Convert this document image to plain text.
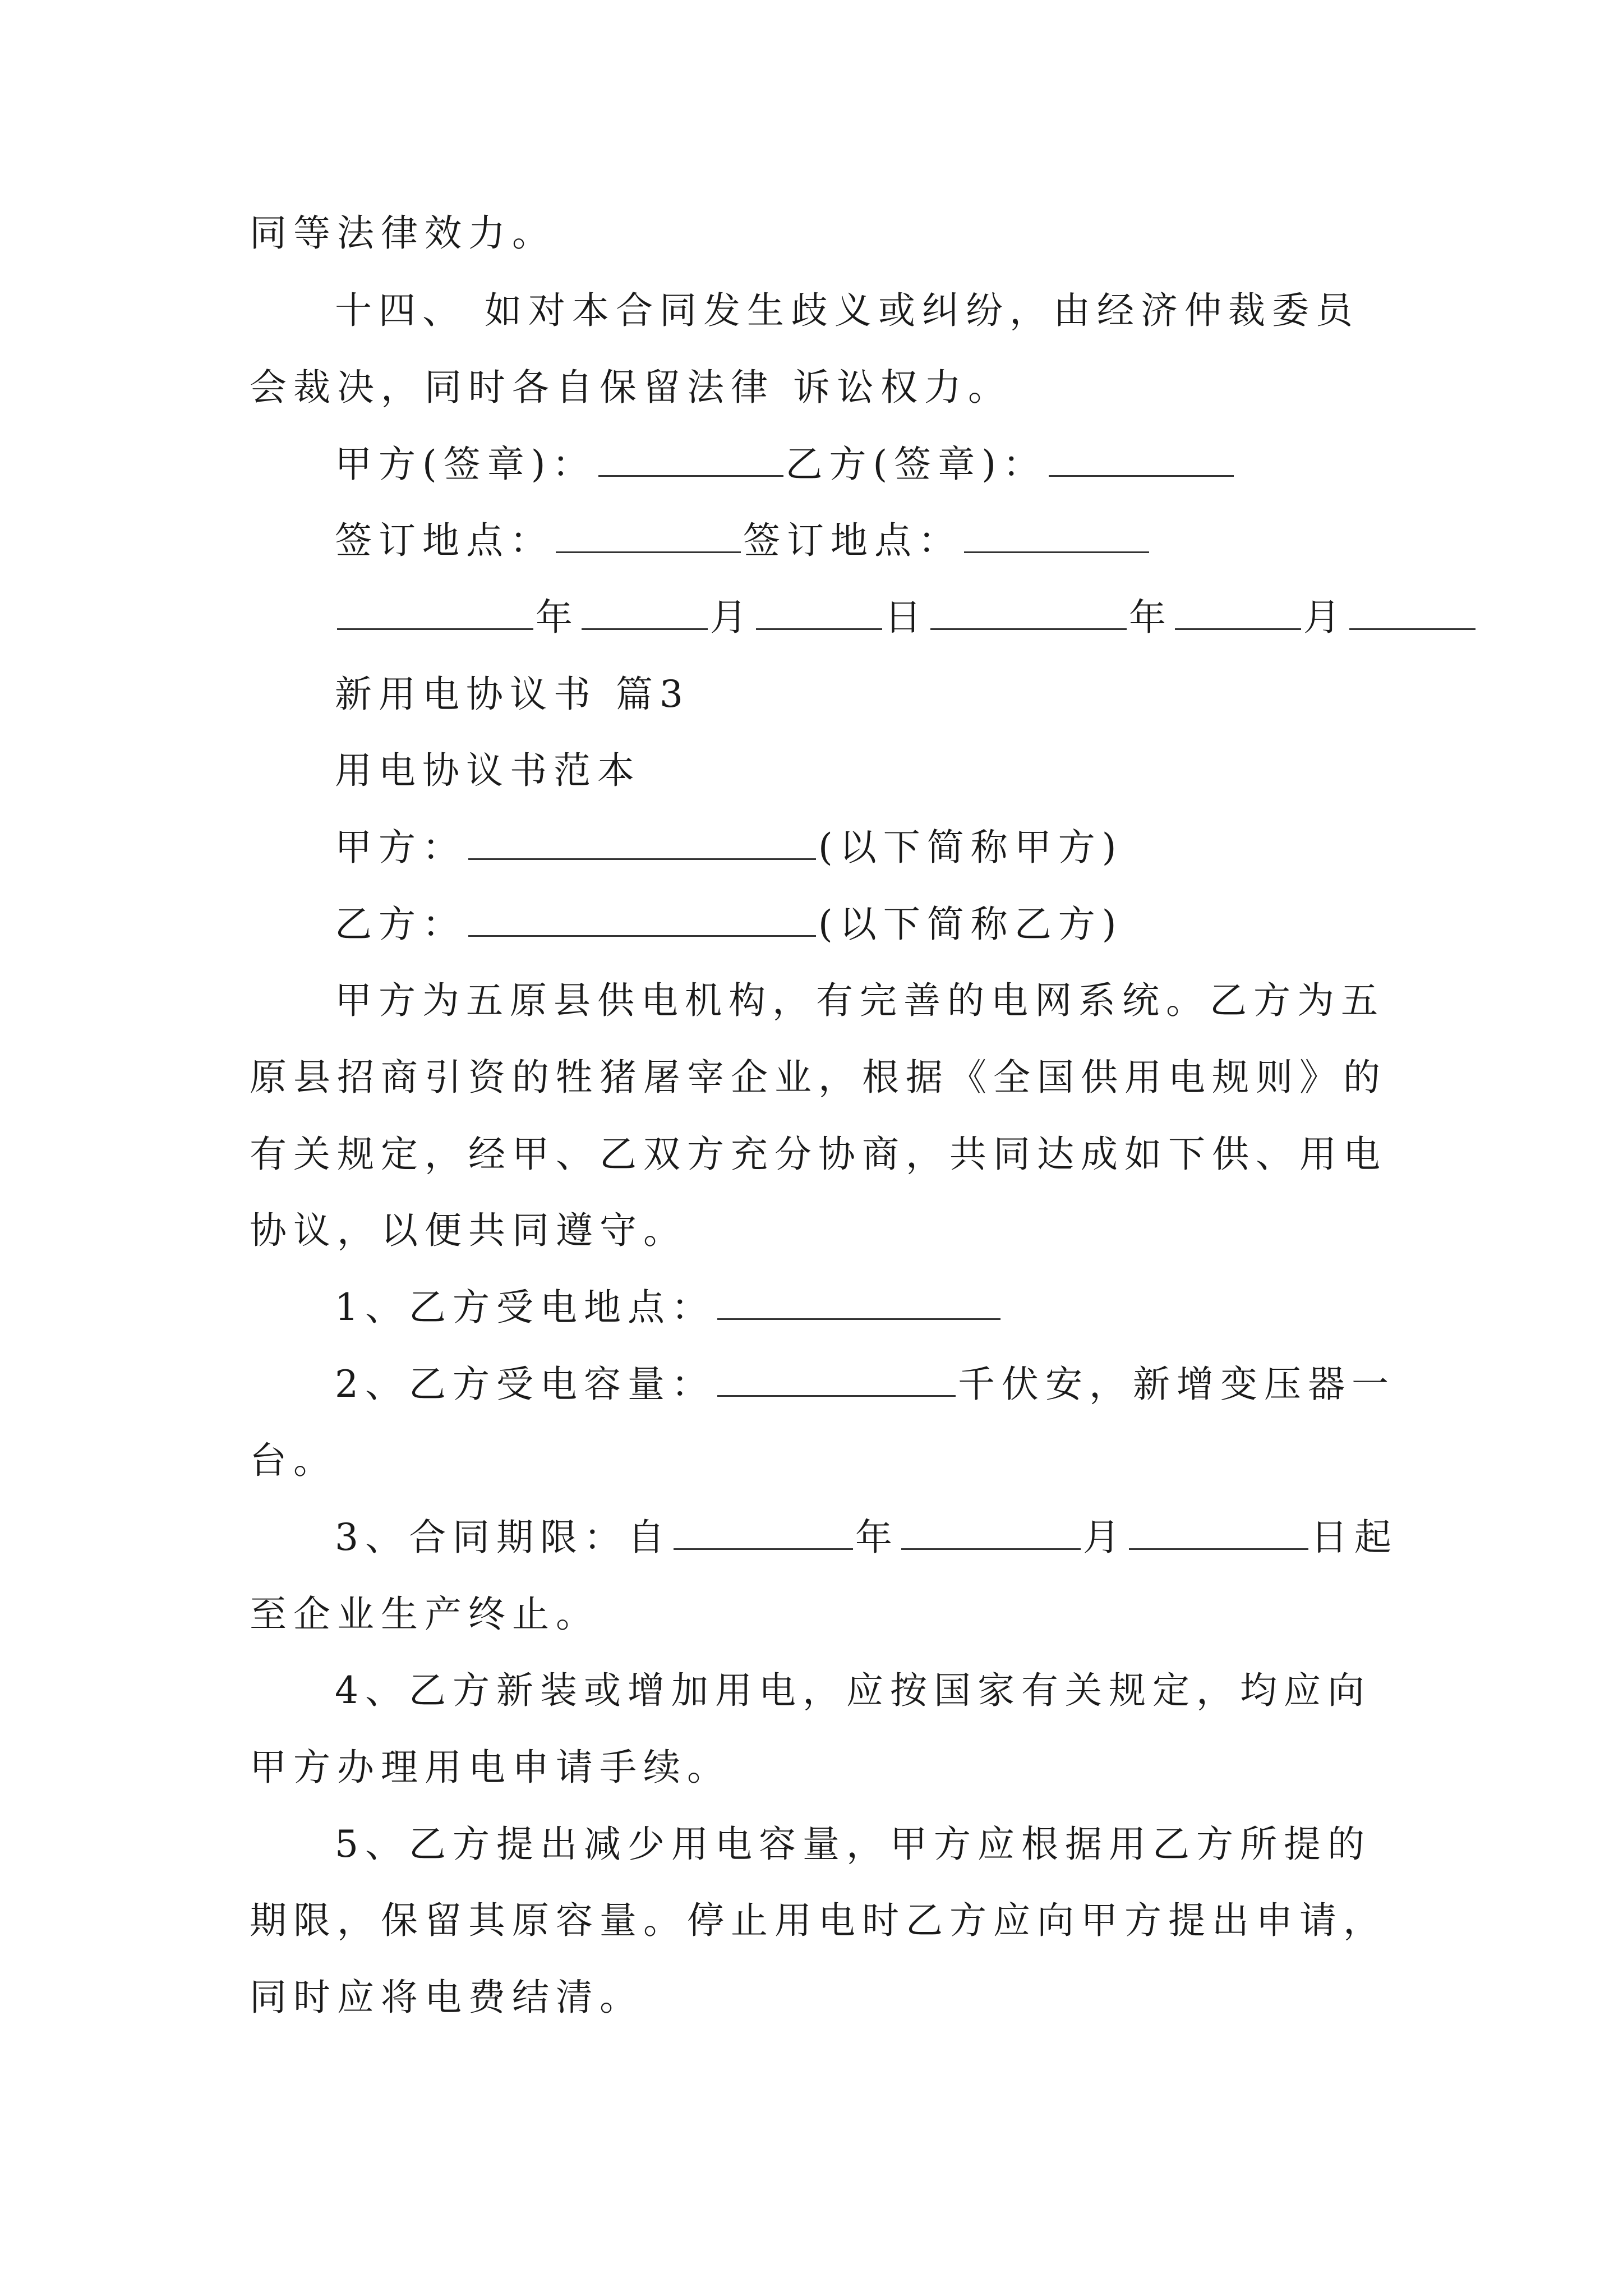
同等法律效力。
十四、 如对本合同发生歧义或纠纷，由经济仲裁委员
会裁决，同时各自保留法律 诉讼权力。
甲方(签章)：	乙方(签章)：
签订地点：	签订地点：
年	月	日	年	月
新用电协议书 篇3
用电协议书范本
甲方：	(以下简称甲方)
乙方：	(以下简称乙方)
甲方为五原县供电机构，有完善的电网系统。乙方为五
原县招商引资的牲猪屠宰企业，根据《全国供用电规则》的
有关规定，经甲、乙双方充分协商，共同达成如下供、用电
协议，以便共同遵守。
1、乙方受电地点：
2、乙方受电容量：	千伏安，新增变压器一
台。
3、合同期限：自	年	月	日起
至企业生产终止。
4、乙方新装或增加用电，应按国家有关规定，均应向
甲方办理用电申请手续。
5、乙方提出减少用电容量，甲方应根据用乙方所提的
期限，保留其原容量。停止用电时乙方应向甲方提出申请，
同时应将电费结清。
